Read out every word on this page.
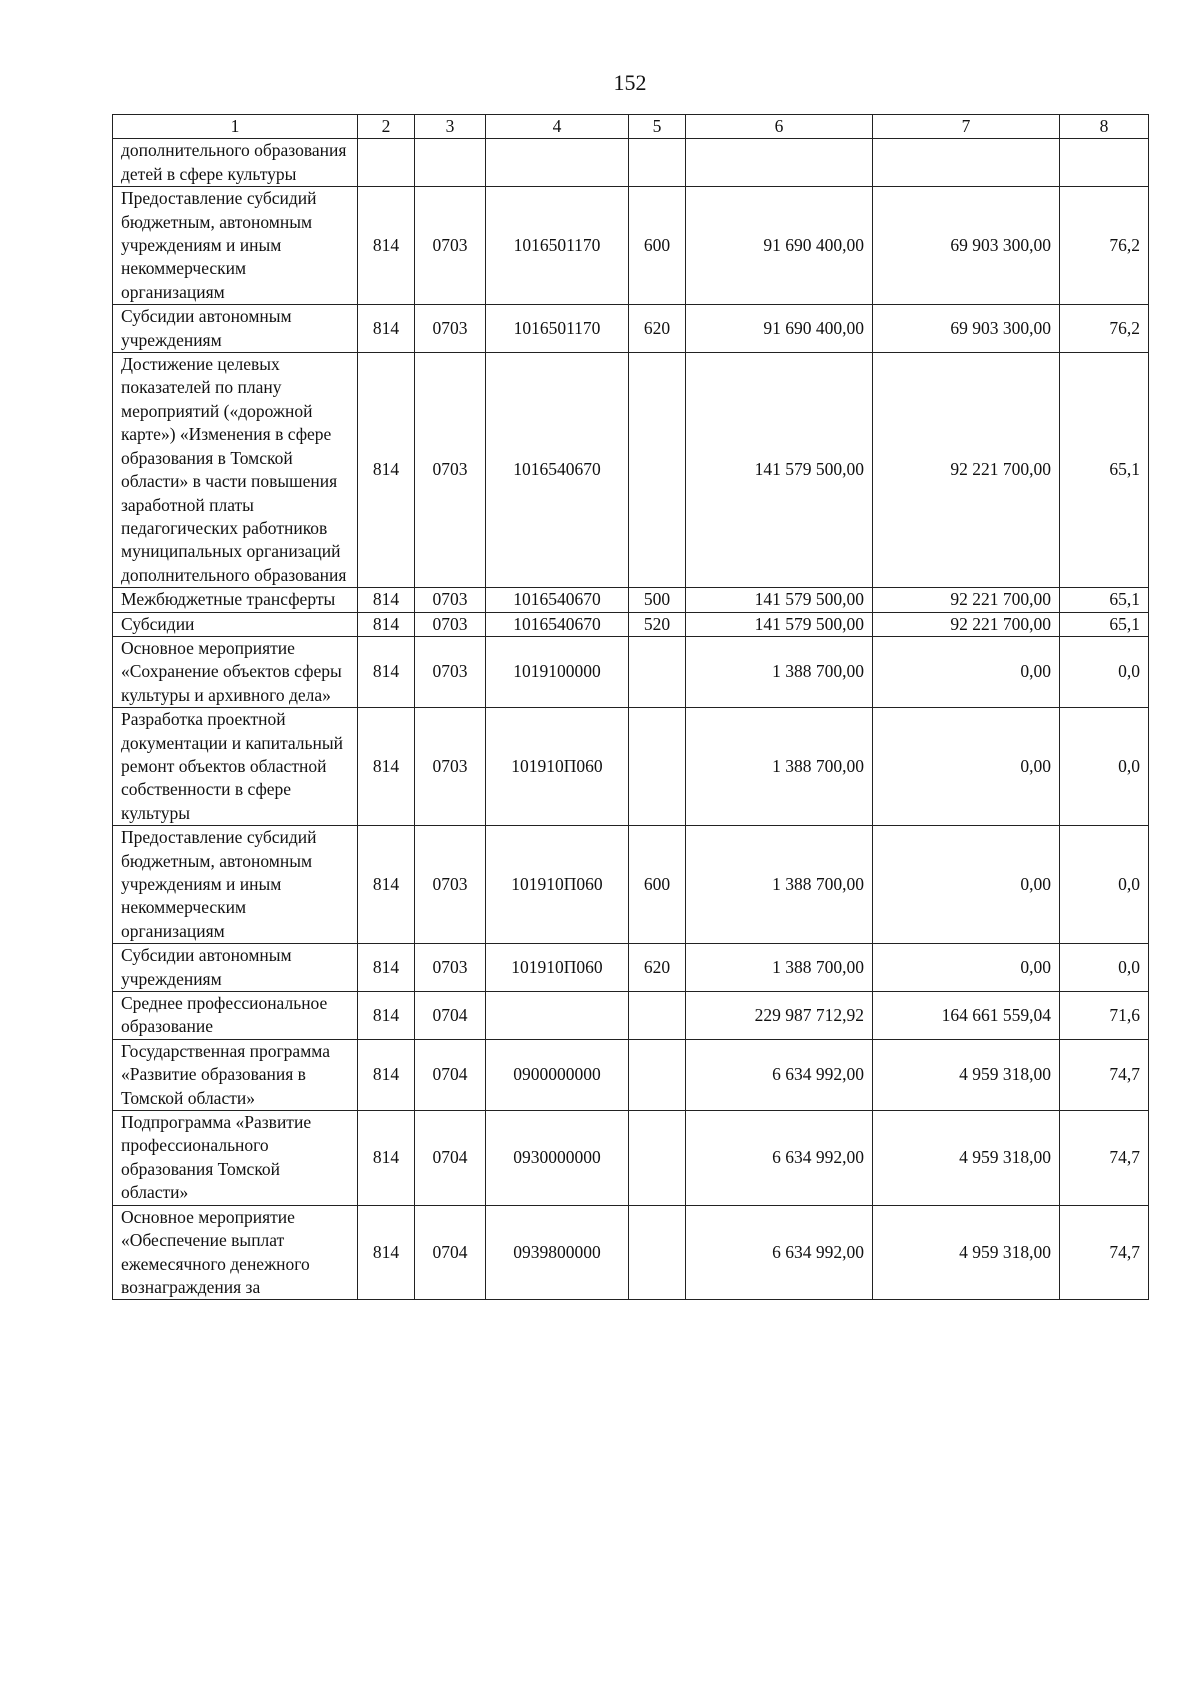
152
1	2	3	4	5	6	7	8
дополнительного образования детей в сфере культуры							
Предоставление субсидий бюджетным, автономным учреждениям и иным некоммерческим организациям	814	0703	1016501170	600	91 690 400,00	69 903 300,00	76,2
Субсидии автономным учреждениям	814	0703	1016501170	620	91 690 400,00	69 903 300,00	76,2
Достижение целевых показателей по плану мероприятий («дорожной карте») «Изменения в сфере образования в Томской области» в части повышения заработной платы педагогических работников муниципальных организаций дополнительного образования	814	0703	1016540670		141 579 500,00	92 221 700,00	65,1
Межбюджетные трансферты	814	0703	1016540670	500	141 579 500,00	92 221 700,00	65,1
Субсидии	814	0703	1016540670	520	141 579 500,00	92 221 700,00	65,1
Основное мероприятие «Сохранение объектов сферы культуры и архивного дела»	814	0703	1019100000		1 388 700,00	0,00	0,0
Разработка проектной документации и капитальный ремонт объектов областной собственности в сфере культуры	814	0703	101910П060		1 388 700,00	0,00	0,0
Предоставление субсидий бюджетным, автономным учреждениям и иным некоммерческим организациям	814	0703	101910П060	600	1 388 700,00	0,00	0,0
Субсидии автономным учреждениям	814	0703	101910П060	620	1 388 700,00	0,00	0,0
Среднее профессиональное образование	814	0704			229 987 712,92	164 661 559,04	71,6
Государственная программа «Развитие образования в Томской области»	814	0704	0900000000		6 634 992,00	4 959 318,00	74,7
Подпрограмма «Развитие профессионального образования Томской области»	814	0704	0930000000		6 634 992,00	4 959 318,00	74,7
Основное мероприятие «Обеспечение выплат ежемесячного денежного вознаграждения за	814	0704	0939800000		6 634 992,00	4 959 318,00	74,7
